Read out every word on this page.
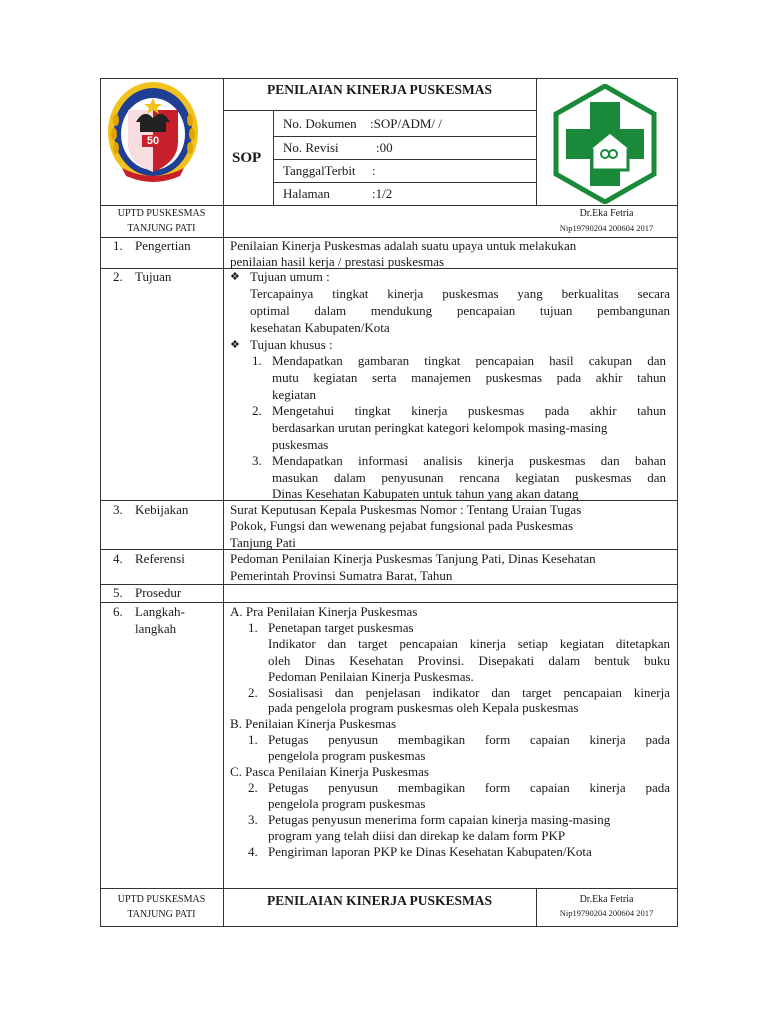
50
PENILAIAN KINERJA PUSKESMAS
SOP
No. Dokumen :SOP/ADM/ /
No. Revisi	:00
TanggalTerbit :
Halaman	:1/2
UPTD PUSKESMAS
TANJUNG PATI
Dr.Eka Fetria
Nip19790204 200604 2017
1. Pengertian	Penilaian Kinerja Puskesmas adalah suatu upaya untuk melakukan
penilaian hasil kerja / prestasi puskesmas
2. Tujuan	❖ Tujuan umum :
Tercapainya tingkat kinerja puskesmas yang berkualitas secara
optimal dalam mendukung pencapaian tujuan pembangunan
kesehatan Kabupaten/Kota
❖ Tujuan khusus :
1. Mendapatkan gambaran tingkat pencapaian hasil cakupan dan
mutu kegiatan serta manajemen puskesmas pada akhir tahun
kegiatan
2. Mengetahui tingkat kinerja puskesmas pada akhir tahun
berdasarkan urutan peringkat kategori kelompok masing-masing
puskesmas
3. Mendapatkan informasi analisis kinerja puskesmas dan bahan
masukan dalam penyusunan rencana kegiatan puskesmas dan
Dinas Kesehatan Kabupaten untuk tahun yang akan datang
3. Kebijakan	Surat Keputusan Kepala Puskesmas Nomor : Tentang Uraian Tugas
Pokok, Fungsi dan wewenang pejabat fungsional pada Puskesmas
Tanjung Pati
4. Referensi	Pedoman Penilaian Kinerja Puskesmas Tanjung Pati, Dinas Kesehatan
Pemerintah Provinsi Sumatra Barat, Tahun
5. Prosedur
6. Langkah-
langkah
A. Pra Penilaian Kinerja Puskesmas
1. Penetapan target puskesmas
Indikator dan target pencapaian kinerja setiap kegiatan ditetapkan
oleh Dinas Kesehatan Provinsi. Disepakati dalam bentuk buku
Pedoman Penilaian Kinerja Puskesmas.
2. Sosialisasi dan penjelasan indikator dan target pencapaian kinerja
pada pengelola program puskesmas oleh Kepala puskesmas
B. Penilaian Kinerja Puskesmas
1. Petugas penyusun membagikan form capaian kinerja pada
pengelola program puskesmas
C. Pasca Penilaian Kinerja Puskesmas
2. Petugas penyusun membagikan form capaian kinerja pada
pengelola program puskesmas
3. Petugas penyusun menerima form capaian kinerja masing-masing
program yang telah diisi dan direkap ke dalam form PKP
4. Pengiriman laporan PKP ke Dinas Kesehatan Kabupaten/Kota
UPTD PUSKESMAS
TANJUNG PATI
PENILAIAN KINERJA PUSKESMAS	Dr.Eka Fetria
Nip19790204 200604 2017
